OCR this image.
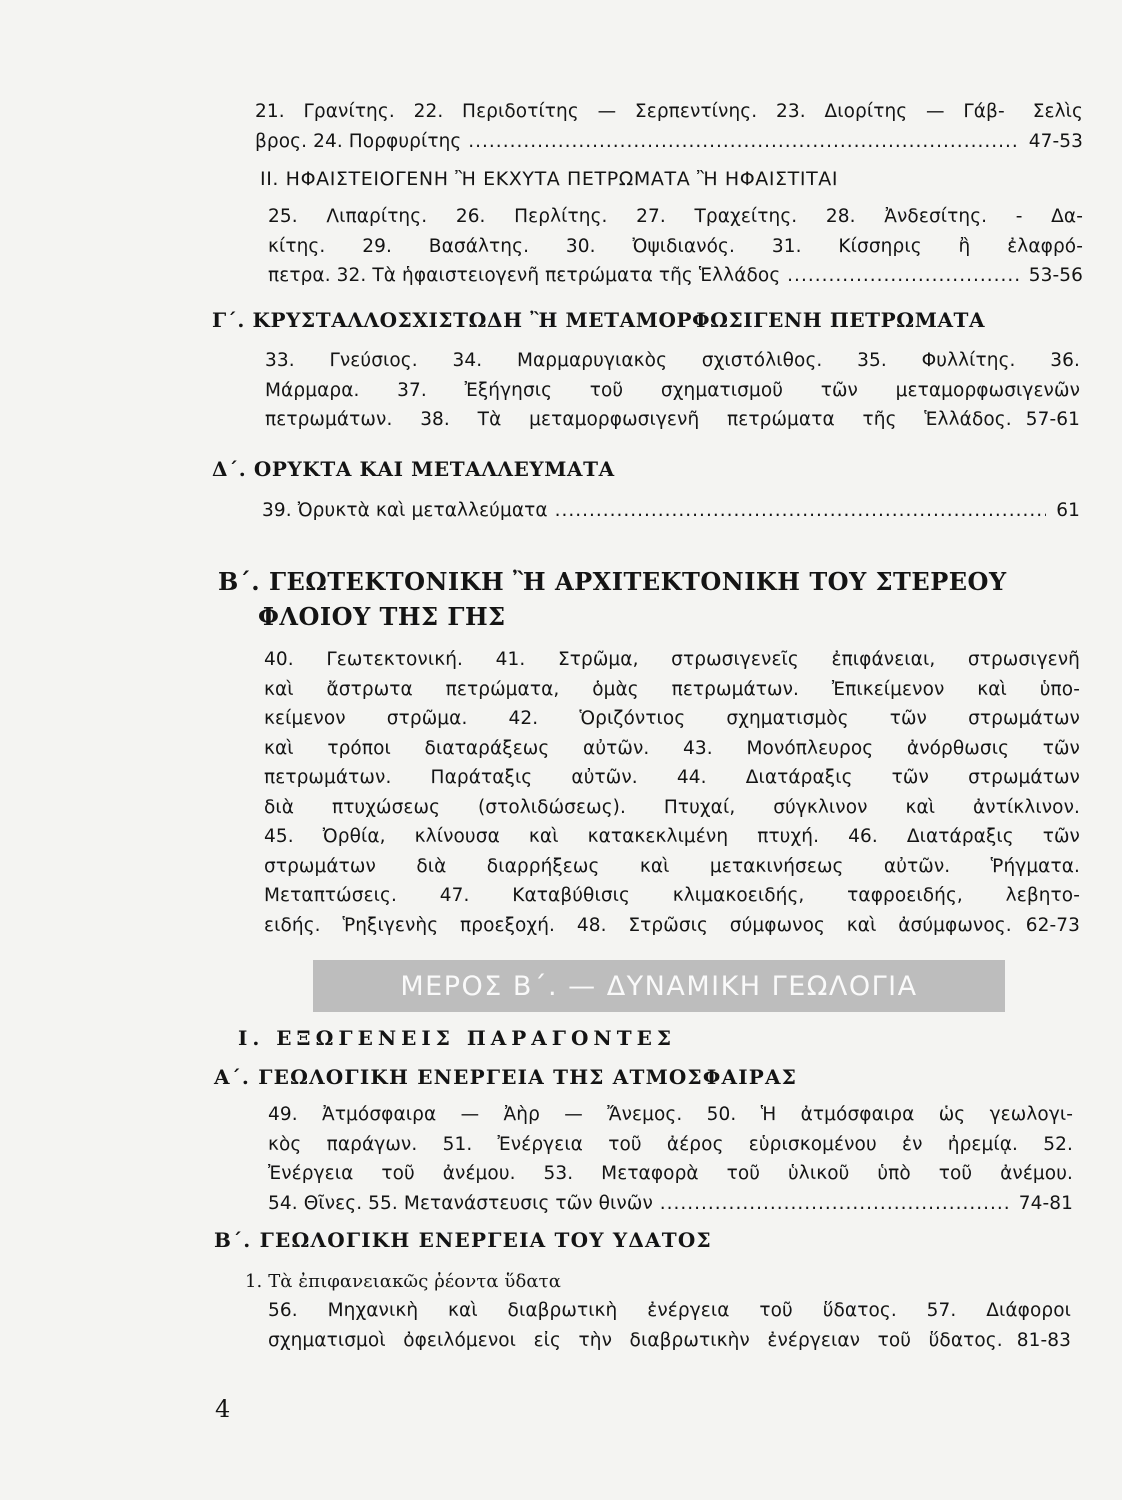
21. Γρανίτης. 22. Περιδοτίτης — Σερπεντίνης. 23. Διορίτης — Γάβ-	Σελὶς
βρος. 24. Πορφυρίτης .....	47-53
II. ΗΦΑΙΣΤΕΙΟΓΕΝΗ Ἢ ΕΚΧΥΤΑ ΠΕΤΡΩΜΑΤΑ Ἢ ΗΦΑΙΣΤΙΤΑΙ
25. Λιπαρίτης. 26. Περλίτης. 27. Τραχείτης. 28. Ἀνδεσίτης. - Δα-
κίτης. 29. Βασάλτης. 30. Ὀψιδιανός. 31. Κίσσηρις ἢ ἐλαφρό-
πετρα. 32. Τὰ ἡφαιστειογενῆ πετρώματα τῆς Ἑλλάδος .....	53-56
Γ΄. ΚΡΥΣΤΑΛΛΟΣΧΙΣΤΩΔΗ Ἢ ΜΕΤΑΜΟΡΦΩΣΙΓΕΝΗ ΠΕΤΡΩΜΑΤΑ
33. Γνεύσιος. 34. Μαρμαρυγιακὸς σχιστόλιθος. 35. Φυλλίτης. 36.
Μάρμαρα. 37. Ἐξήγησις τοῦ σχηματισμοῦ τῶν μεταμορφωσιγενῶν
πετρωμάτων. 38. Τὰ μεταμορφωσιγενῆ πετρώματα τῆς Ἑλλάδος. 57-61
Δ΄. ΟΡΥΚΤΑ ΚΑΙ ΜΕΤΑΛΛΕΥΜΑΤΑ
39. Ὀρυκτὰ καὶ μεταλλεύματα .....	61
Β΄. ΓΕΩΤΕΚΤΟΝΙΚΗ Ἢ ΑΡΧΙΤΕΚΤΟΝΙΚΗ ΤΟΥ ΣΤΕΡΕΟΥ
ΦΛΟΙΟΥ ΤΗΣ ΓΗΣ
40. Γεωτεκτονική. 41. Στρῶμα, στρωσιγενεῖς ἐπιφάνειαι, στρωσιγενῆ
καὶ ἄστρωτα πετρώματα, ὁμὰς πετρωμάτων. Ἐπικείμενον καὶ ὑπο-
κείμενον στρῶμα. 42. Ὁριζόντιος σχηματισμὸς τῶν στρωμάτων
καὶ τρόποι διαταράξεως αὐτῶν. 43. Μονόπλευρος ἀνόρθωσις τῶν
πετρωμάτων. Παράταξις αὐτῶν. 44. Διατάραξις τῶν στρωμάτων
διὰ πτυχώσεως (στολιδώσεως). Πτυχαί, σύγκλινον καὶ ἀντίκλινον.
45. Ὀρθία, κλίνουσα καὶ κατακεκλιμένη πτυχή. 46. Διατάραξις τῶν
στρωμάτων διὰ διαρρήξεως καὶ μετακινήσεως αὐτῶν. Ῥήγματα.
Μεταπτώσεις. 47. Καταβύθισις κλιμακοειδής, ταφροειδής, λεβητο-
ειδής. Ῥηξιγενὴς προεξοχή. 48. Στρῶσις σύμφωνος καὶ ἀσύμφωνος. 62-73
ΜΕΡΟΣ Β΄. — ΔΥΝΑΜΙΚΗ ΓΕΩΛΟΓΙΑ
I. ΕΞΩΓΕΝΕΙΣ ΠΑΡΑΓΟΝΤΕΣ
Α΄. ΓΕΩΛΟΓΙΚΗ ΕΝΕΡΓΕΙΑ ΤΗΣ ΑΤΜΟΣΦΑΙΡΑΣ
49. Ἀτμόσφαιρα — Ἀὴρ — Ἄνεμος. 50. Ἡ ἀτμόσφαιρα ὡς γεωλογι-
κὸς παράγων. 51. Ἐνέργεια τοῦ ἀέρος εὑρισκομένου ἐν ἠρεμίᾳ. 52.
Ἐνέργεια τοῦ ἀνέμου. 53. Μεταφορὰ τοῦ ὑλικοῦ ὑπὸ τοῦ ἀνέμου.
54. Θῖνες. 55. Μετανάστευσις τῶν θινῶν .....	74-81
Β΄. ΓΕΩΛΟΓΙΚΗ ΕΝΕΡΓΕΙΑ ΤΟΥ ΥΔΑΤΟΣ
1. Τὰ ἐπιφανειακῶς ῥέοντα ὕδατα
56. Μηχανικὴ καὶ διαβρωτικὴ ἐνέργεια τοῦ ὕδατος. 57. Διάφοροι
σχηματισμοὶ ὀφειλόμενοι εἰς τὴν διαβρωτικὴν ἐνέργειαν τοῦ ὕδατος. 81-83
4
